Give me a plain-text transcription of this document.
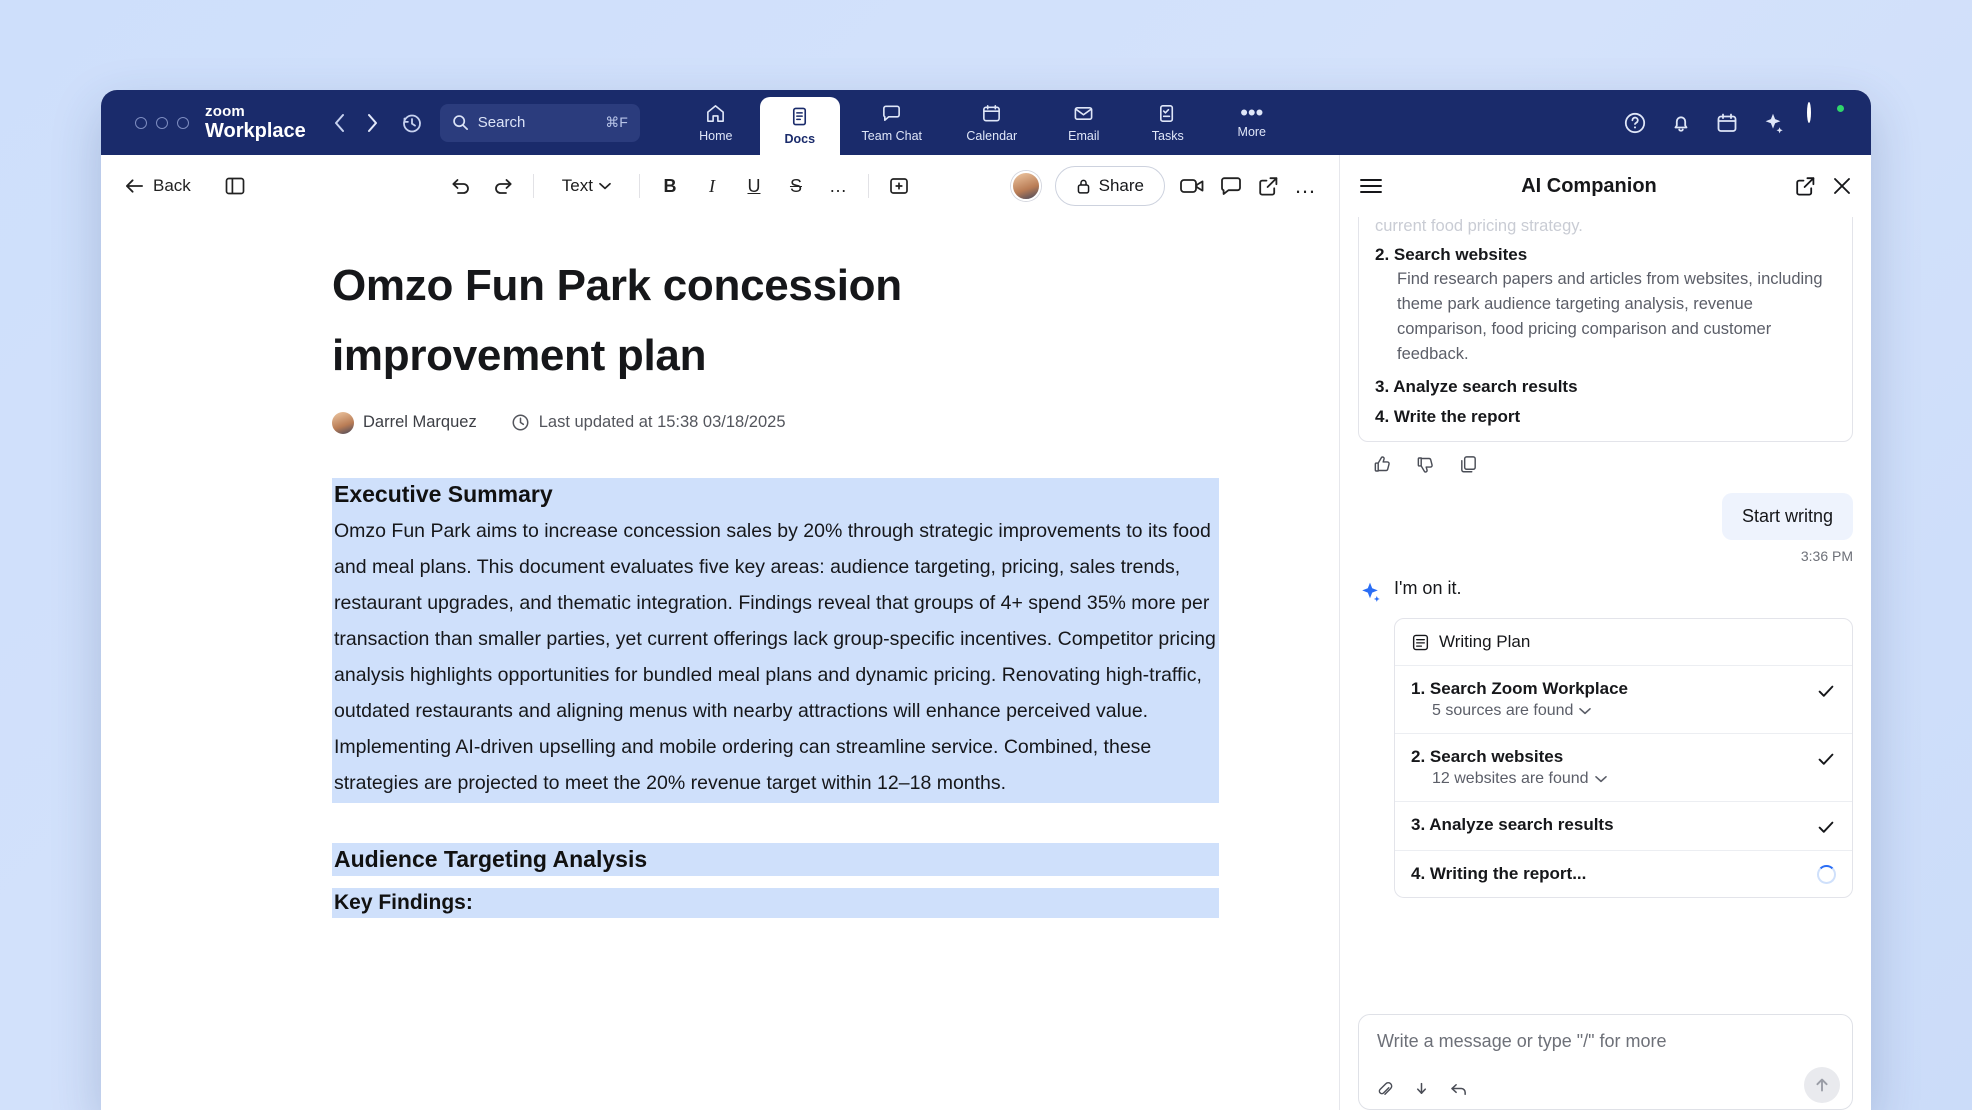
zoom
Workplace	Search	⌘F
Home	Docs	Team Chat	Calendar	Email	Tasks
•••
More
Back	Text	B	I	U	S	…	Share	…
Omzo Fun Park concession improvement plan
Darrel Marquez	Last updated at 15:38 03/18/2025
Executive Summary
Omzo Fun Park aims to increase concession sales by 20% through strategic improvements to its food and meal plans. This document evaluates five key areas: audience targeting, pricing, sales trends, restaurant upgrades, and thematic integration. Findings reveal that groups of 4+ spend 35% more per transaction than smaller parties, yet current offerings lack group-specific incentives. Competitor pricing analysis highlights opportunities for bundled meal plans and dynamic pricing. Renovating high-traffic, outdated restaurants and aligning menus with nearby attractions will enhance perceived value. Implementing AI-driven upselling and mobile ordering can streamline service. Combined, these strategies are projected to meet the 20% revenue target within 12–18 months.
Audience Targeting Analysis
Key Findings:
AI Companion
current food pricing strategy.
2. Search websites
Find research papers and articles from websites, including theme park audience targeting analysis, revenue comparison, food pricing comparison and customer feedback.
3. Analyze search results
4. Write the report
Start writng
3:36 PM
I'm on it.
Writing Plan
1. Search Zoom Workplace
5 sources are found
2. Search websites
12 websites are found
3. Analyze search results
4. Writing the report...
Write a message or type "/" for more
